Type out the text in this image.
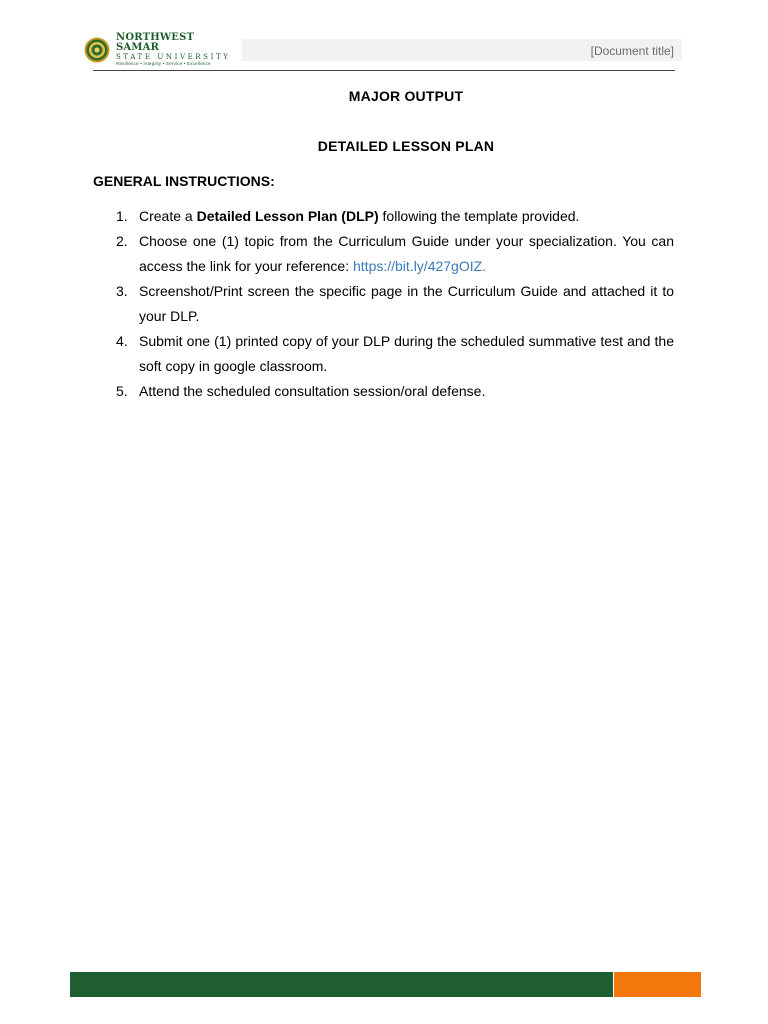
NORTHWEST SAMAR
STATE UNIVERSITY
Resilience • Integrity • Service • Excellence
[Document title]
MAJOR OUTPUT
DETAILED LESSON PLAN
GENERAL INSTRUCTIONS:
1. Create a Detailed Lesson Plan (DLP) following the template provided.
2. Choose one (1) topic from the Curriculum Guide under your specialization. You can access the link for your reference: https://bit.ly/427gOIZ.
3. Screenshot/Print screen the specific page in the Curriculum Guide and attached it to your DLP.
4. Submit one (1) printed copy of your DLP during the scheduled summative test and the soft copy in google classroom.
5. Attend the scheduled consultation session/oral defense.
